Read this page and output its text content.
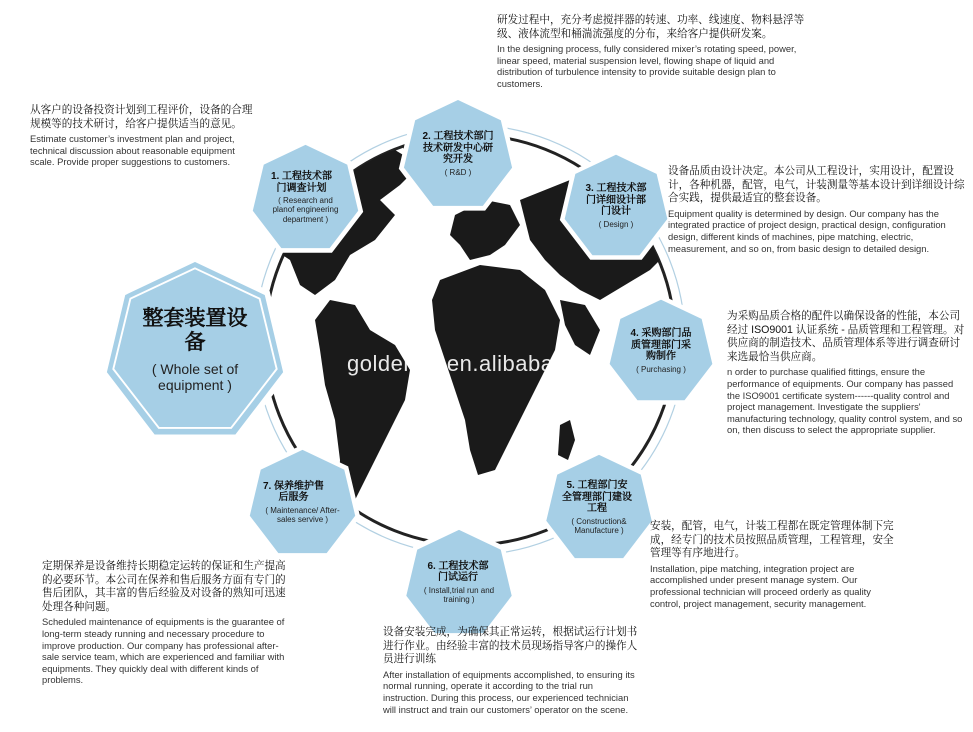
goldenyh.en.alibaba.com
整套装置设备
( Whole set of equipment )
1. 工程技术部门调查计划
( Research and planof engineering department )
2. 工程技术部门技术研发中心研究开发
( R&D )
3. 工程技术部门详细设计部门设计
( Design )
4. 采购部门品质管理部门采购制作
( Purchasing )
5. 工程部门安全管理部门建设工程
( Construction& Manufacture )
6. 工程技术部门试运行
( Install,trial run and training )
7. 保养维护售后服务
( Maintenance/ After-sales servive )
从客户的设备投资计划到工程评价，设备的合理规模等的技术研讨，给客户提供适当的意见。
Estimate customer’s investment plan and project, technical discussion about reasonable equipment scale. Provide proper suggestions to customers.
研发过程中，充分考虑搅拌器的转速、功率、线速度、物料悬浮等级、液体流型和桶湍流强度的分布，来给客户提供研发案。
In the designing process, fully considered mixer’s rotating speed, power, linear speed, material suspension level, flowing shape of liquid and distribution of turbulence intensity to provide suitable design plan to customers.
设备品质由设计决定。本公司从工程设计，实用设计，配置设计，各种机器，配管，电气，计装测量等基本设计到详细设计综合实践，提供最适宜的整套设备。
Equipment quality is determined by design. Our company has the integrated practice of project design, practical design, configuration design, different kinds of machines, pipe matching, electric, measurement, and so on, from basic design to detailed design.
为采购品质合格的配件以确保设备的性能，本公司经过 ISO9001 认证系统 - 品质管理和工程管理。对供应商的制造技术、品质管理体系等进行调查研讨来选最恰当供应商。
n order to purchase qualified fittings, ensure the performance of equipments. Our company has passed the ISO9001 certificate system------quality control and project management. Investigate the suppliers' manufacturing technology, quality control system, and so on, then discuss to select the appropriate supplier.
安装，配管，电气，计装工程都在既定管理体制下完成，经专门的技术员按照品质管理，工程管理，安全管理等有序地进行。
Installation, pipe matching, integration project are accomplished under present manage system. Our professional technician will proceed orderly as quality control, project management, security management.
设备安装完成，为确保其正常运转，根据试运行计划书进行作业。由经验丰富的技术员现场指导客户的操作人员进行训练
After installation of equipments accomplished, to ensuring its normal running, operate it according to the trial run instruction. During this process, our experienced technician will instruct and train our customers’ operator on the scene.
定期保养是设备维持长期稳定运转的保证和生产提高的必要环节。本公司在保养和售后服务方面有专门的售后团队，其丰富的售后经验及对设备的熟知可迅速处理各种问题。
Scheduled maintenance of equipments is the guarantee of long-term steady running and necessary procedure to improve production. Our company has professional after-sale service team, which are experienced and familiar with equipments. They quickly deal with different kinds of problems.
